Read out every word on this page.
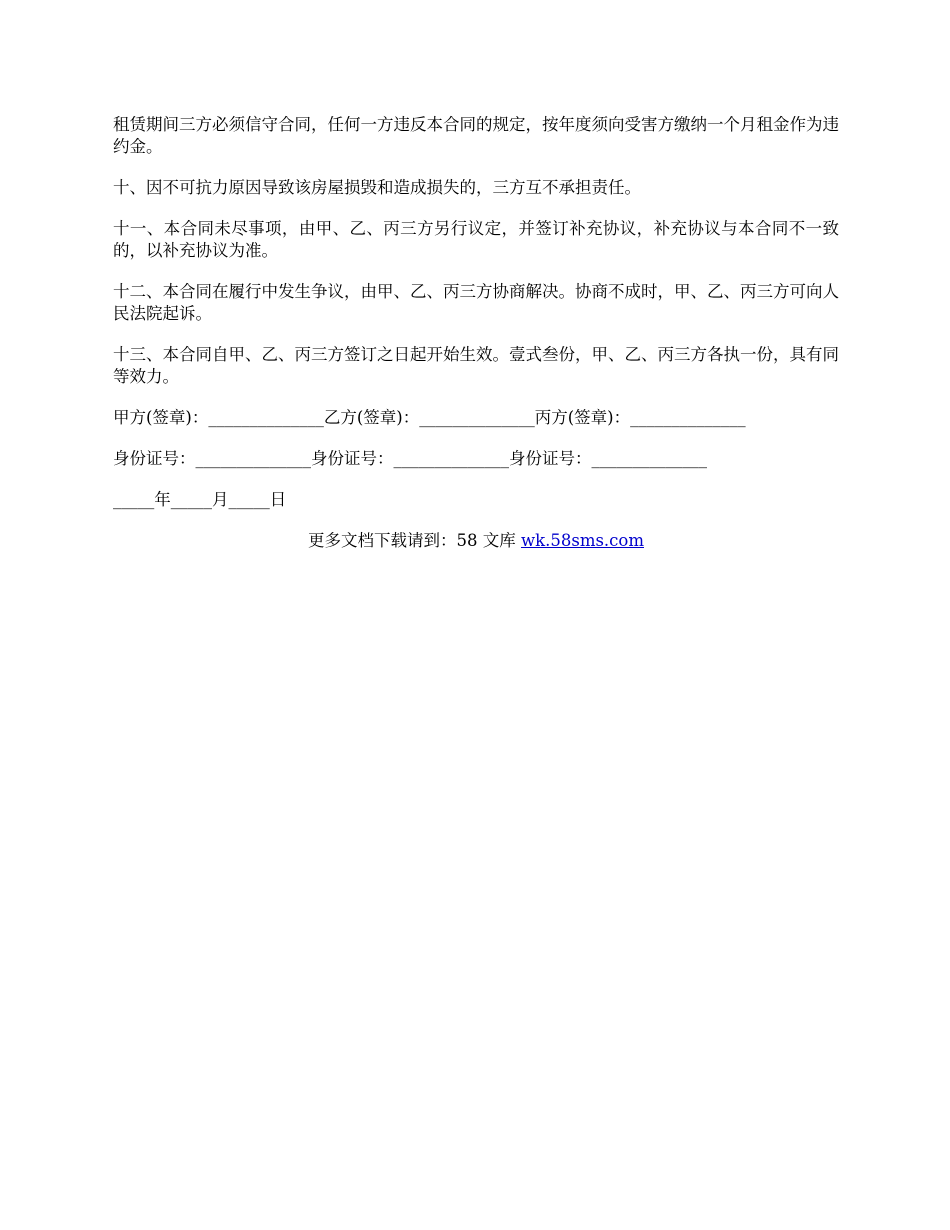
租赁期间三方必须信守合同，任何一方违反本合同的规定，按年度须向受害方缴纳一个月租金作为违约金。

十、因不可抗力原因导致该房屋损毁和造成损失的，三方互不承担责任。

十一、本合同未尽事项，由甲、乙、丙三方另行议定，并签订补充协议，补充协议与本合同不一致的，以补充协议为准。

十二、本合同在履行中发生争议，由甲、乙、丙三方协商解决。协商不成时，甲、乙、丙三方可向人民法院起诉。

十三、本合同自甲、乙、丙三方签订之日起开始生效。壹式叁份，甲、乙、丙三方各执一份，具有同等效力。

甲方(签章)：______________乙方(签章)：______________丙方(签章)：______________
身份证号：______________身份证号：______________身份证号：______________
_____年_____月_____日
更多文档下载请到：58 文库 wk.58sms.com
